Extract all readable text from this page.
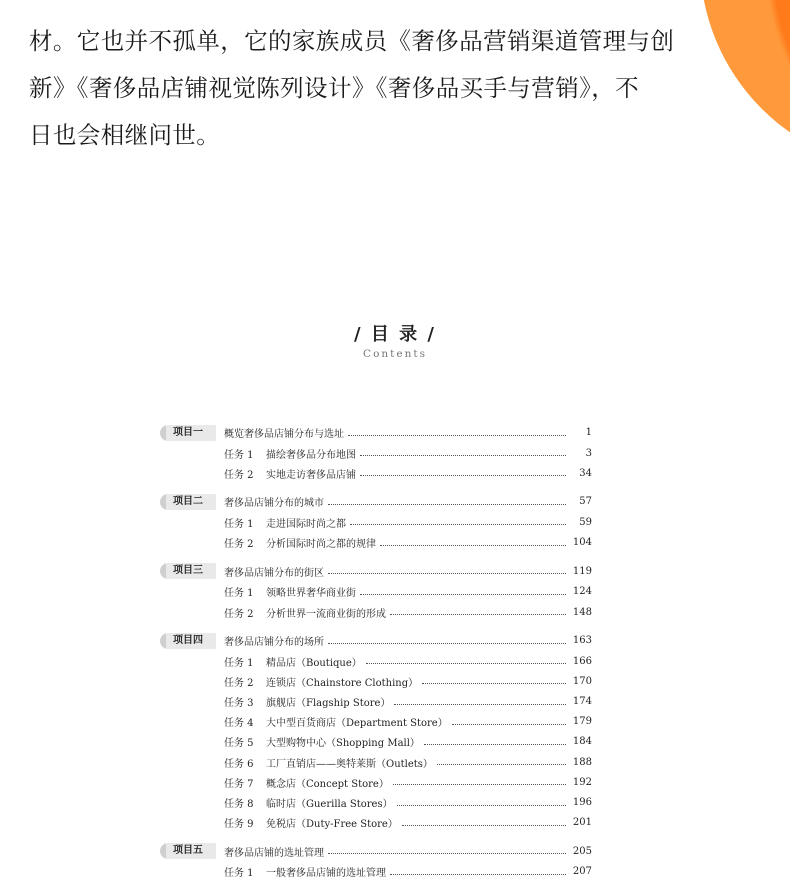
材。它也并不孤单，它的家族成员《奢侈品营销渠道管理与创

新》《奢侈品店铺视觉陈列设计》《奢侈品买手与营销》，不

日也会相继问世。

/ 目 录 /
Contents
项目一	概览奢侈品店铺分布与选址	1
任务 1	描绘奢侈品分布地图	3
任务 2	实地走访奢侈品店铺	34
项目二	奢侈品店铺分布的城市	57
任务 1	走进国际时尚之都	59
任务 2	分析国际时尚之都的规律	104
项目三	奢侈品店铺分布的街区	119
任务 1	领略世界奢华商业街	124
任务 2	分析世界一流商业街的形成	148
项目四	奢侈品店铺分布的场所	163
任务 1	精品店（Boutique）	166
任务 2	连锁店（Chainstore Clothing）	170
任务 3	旗舰店（Flagship Store）	174
任务 4	大中型百货商店（Department Store）	179
任务 5	大型购物中心（Shopping Mall）	184
任务 6	工厂直销店——奥特莱斯（Outlets）	188
任务 7	概念店（Concept Store）	192
任务 8	临时店（Guerilla Stores）	196
任务 9	免税店（Duty-Free Store）	201
项目五	奢侈品店铺的选址管理	205
任务 1	一般奢侈品店铺的选址管理	207
